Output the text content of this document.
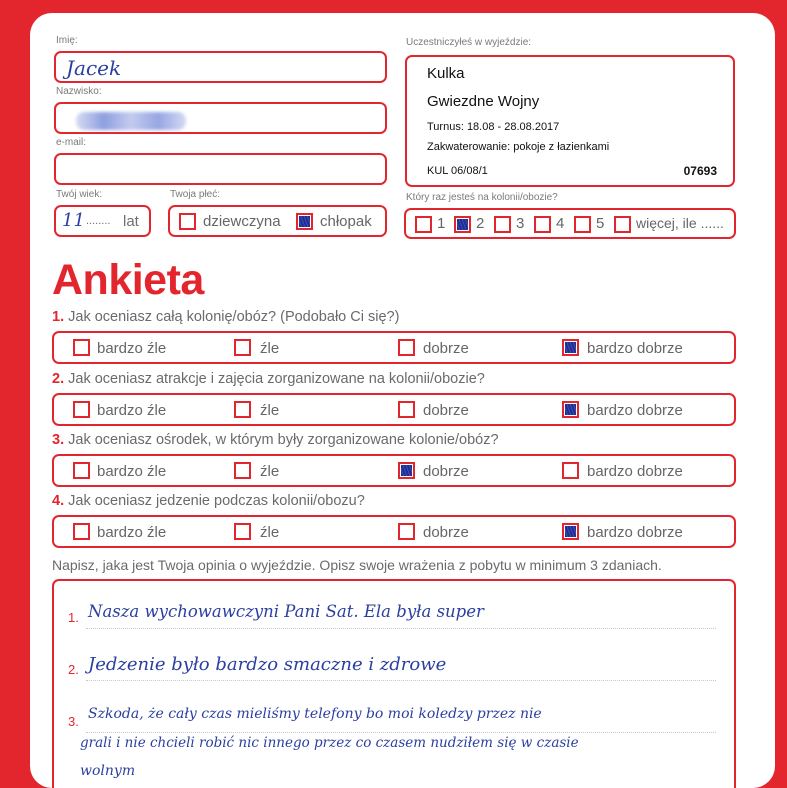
Imię:
Jacek
Nazwisko:
e-mail:
Twój wiek:
11 ........ lat
Twoja płeć:
dziewczyna	chłopak
Uczestniczyłeś w wyjeździe:
Kulka
Gwiezdne Wojny
Turnus: 18.08 - 28.08.2017
Zakwaterowanie: pokoje z łazienkami
KUL 06/08/1	07693
Który raz jesteś na kolonii/obozie?
1 2 3 4 5 więcej, ile ......
Ankieta
1. Jak oceniasz całą kolonię/obóz? (Podobało Ci się?)
bardzo źle	źle	dobrze	bardzo dobrze
2. Jak oceniasz atrakcje i zajęcia zorganizowane na kolonii/obozie?
bardzo źle	źle	dobrze	bardzo dobrze
3. Jak oceniasz ośrodek, w którym były zorganizowane kolonie/obóz?
bardzo źle	źle	dobrze	bardzo dobrze
4. Jak oceniasz jedzenie podczas kolonii/obozu?
bardzo źle	źle	dobrze	bardzo dobrze
Napisz, jaka jest Twoja opinia o wyjeździe. Opisz swoje wrażenia z pobytu w minimum 3 zdaniach.
1. Nasza wychowawczyni Pani Sat. Ela była super
2. Jedzenie było bardzo smaczne i zdrowe
3. Szkoda, że cały czas mieliśmy telefony bo moi koledzy przez nie
grali i nie chcieli robić nic innego przez co czasem nudziłem się w czasie
wolnym
